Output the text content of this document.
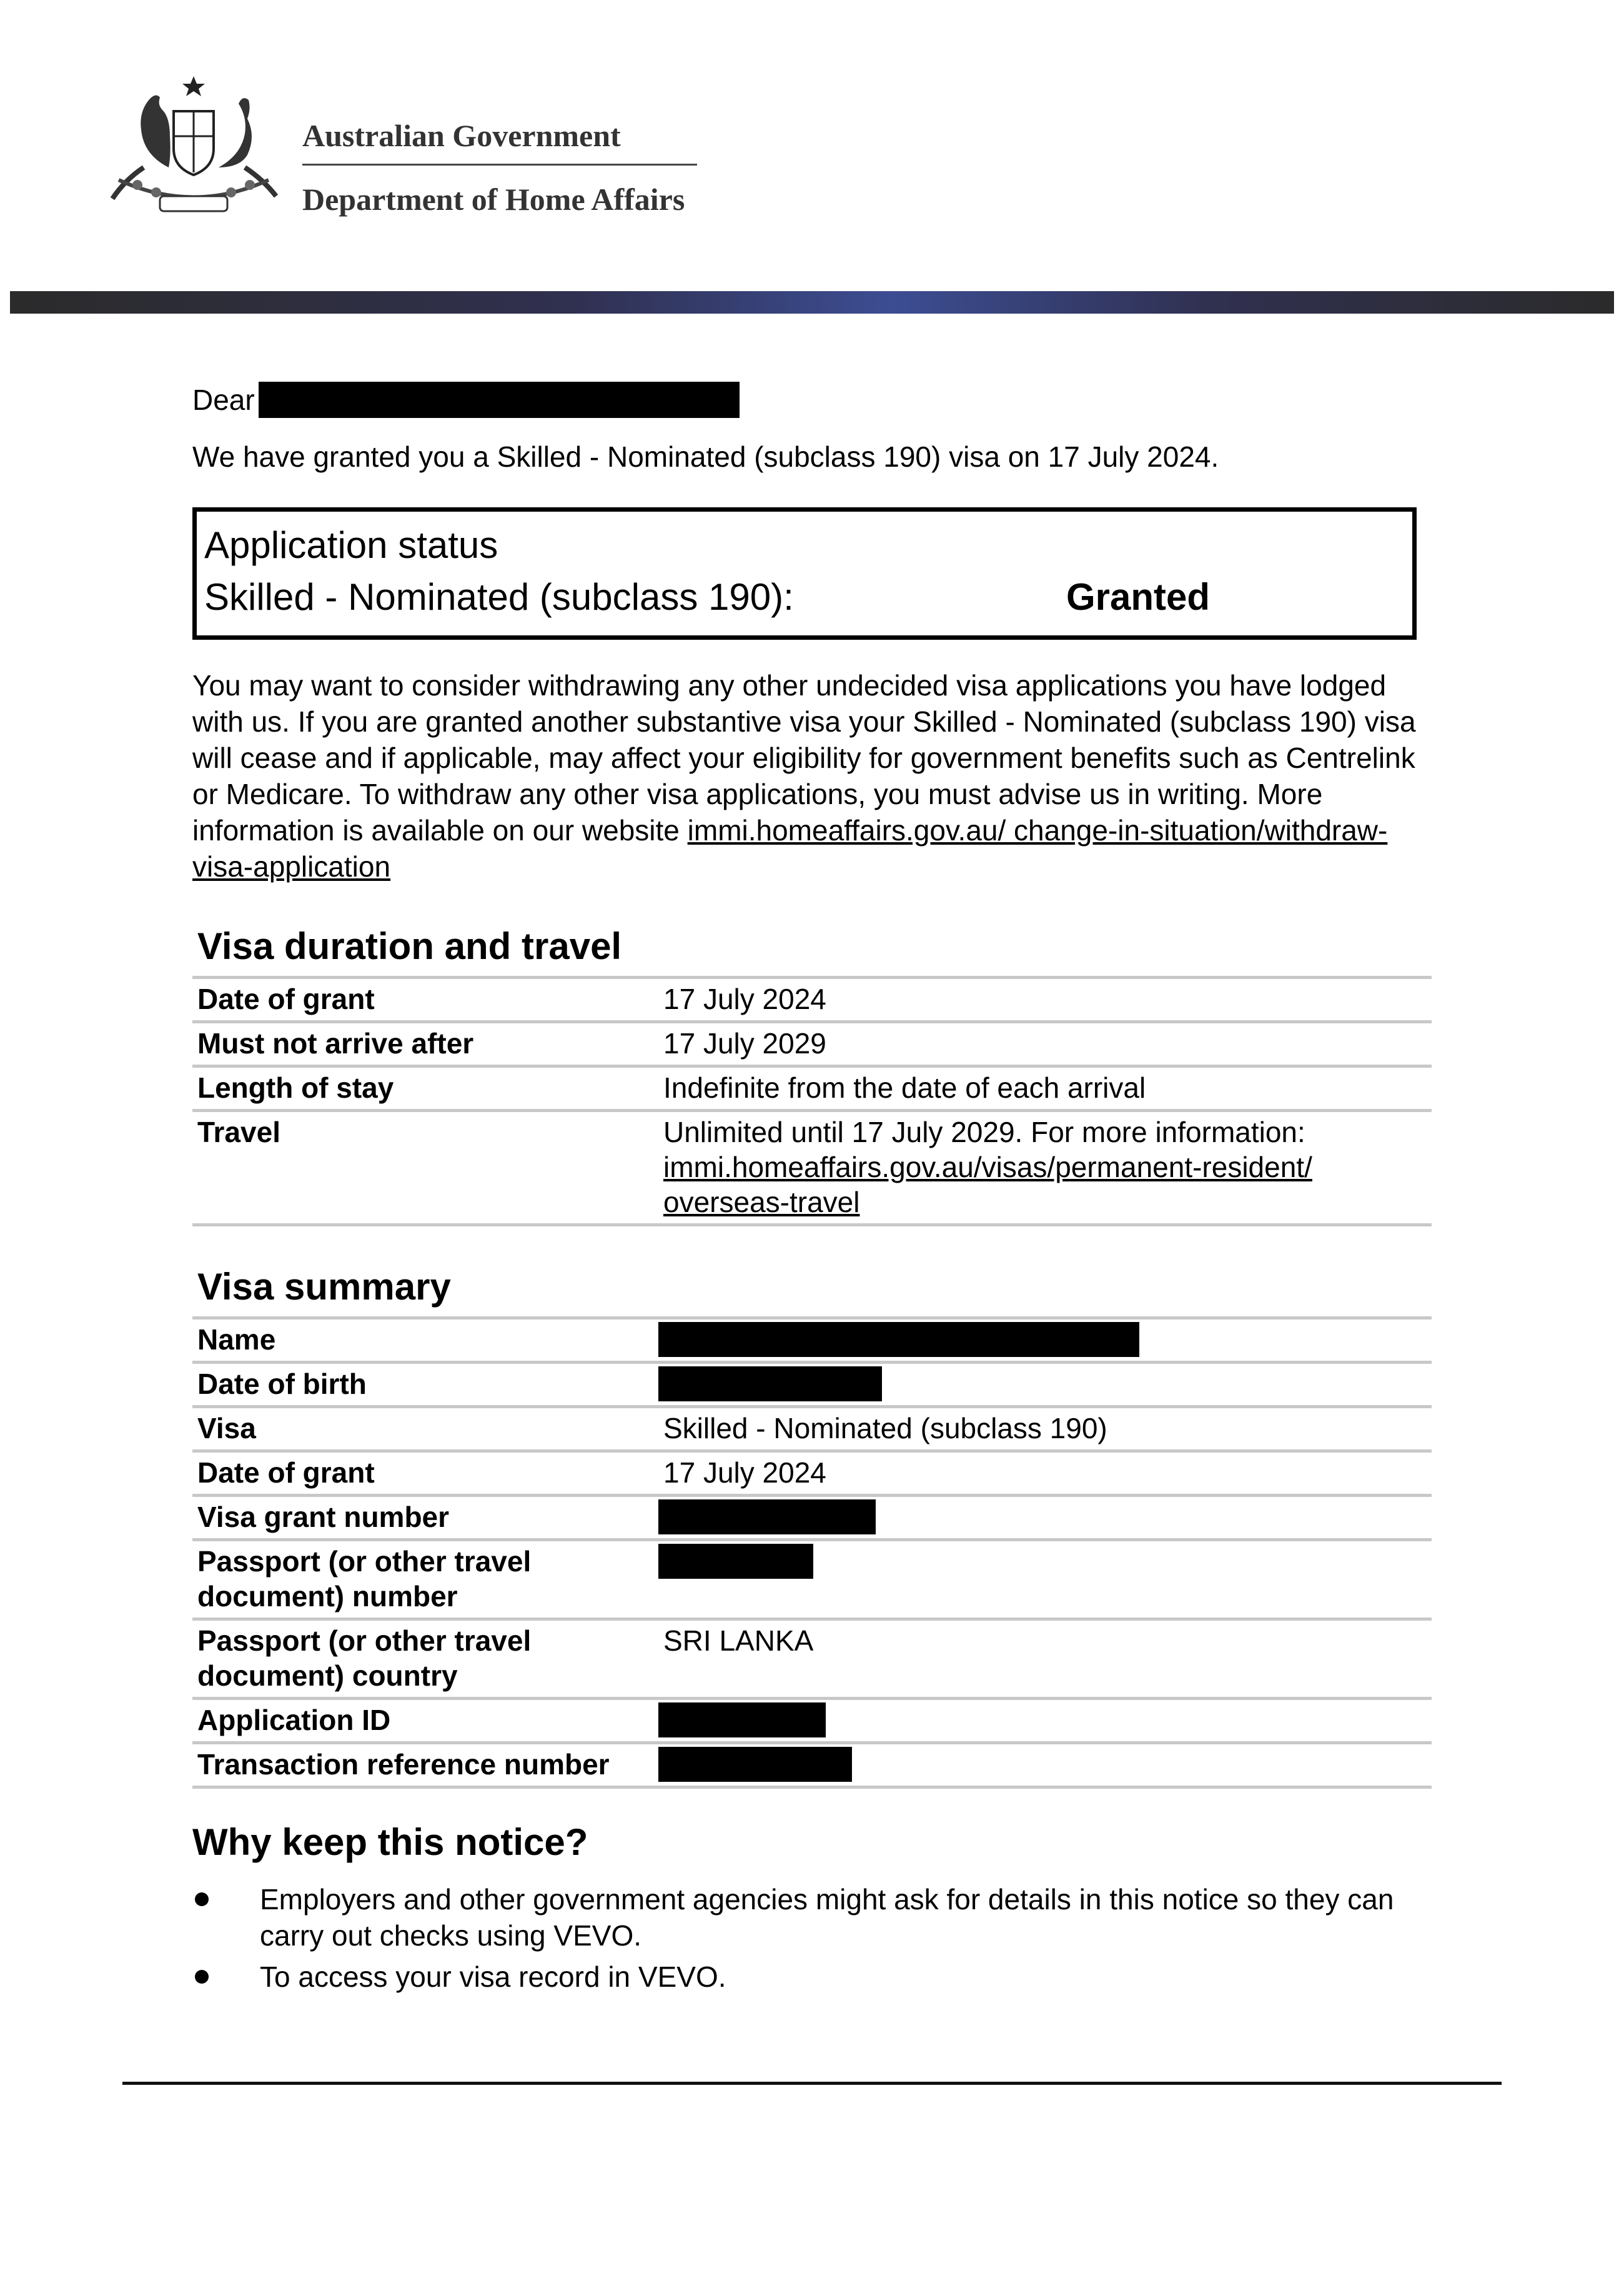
Australian Government
Department of Home Affairs
Dear
We have granted you a Skilled - Nominated (subclass 190) visa on 17 July 2024.
Application status
Skilled - Nominated (subclass 190):	Granted
You may want to consider withdrawing any other undecided visa applications you have lodged with us. If you are granted another substantive visa your Skilled - Nominated (subclass 190) visa will cease and if applicable, may affect your eligibility for government benefits such as Centrelink or Medicare. To withdraw any other visa applications, you must advise us in writing. More information is available on our website immi.homeaffairs.gov.au/ change-in-situation/withdraw-visa-application
Visa duration and travel
Date of grant	17 July 2024
Must not arrive after	17 July 2029
Length of stay	Indefinite from the date of each arrival
Travel	Unlimited until 17 July 2029. For more information:
immi.homeaffairs.gov.au/visas/permanent-resident/ overseas-travel
Visa summary
Name	
Date of birth	
Visa	Skilled - Nominated (subclass 190)
Date of grant	17 July 2024
Visa grant number	
Passport (or other travel document) number	
Passport (or other travel document) country	SRI LANKA
Application ID	
Transaction reference number	
Why keep this notice?
Employers and other government agencies might ask for details in this notice so they can carry out checks using VEVO.
To access your visa record in VEVO.
